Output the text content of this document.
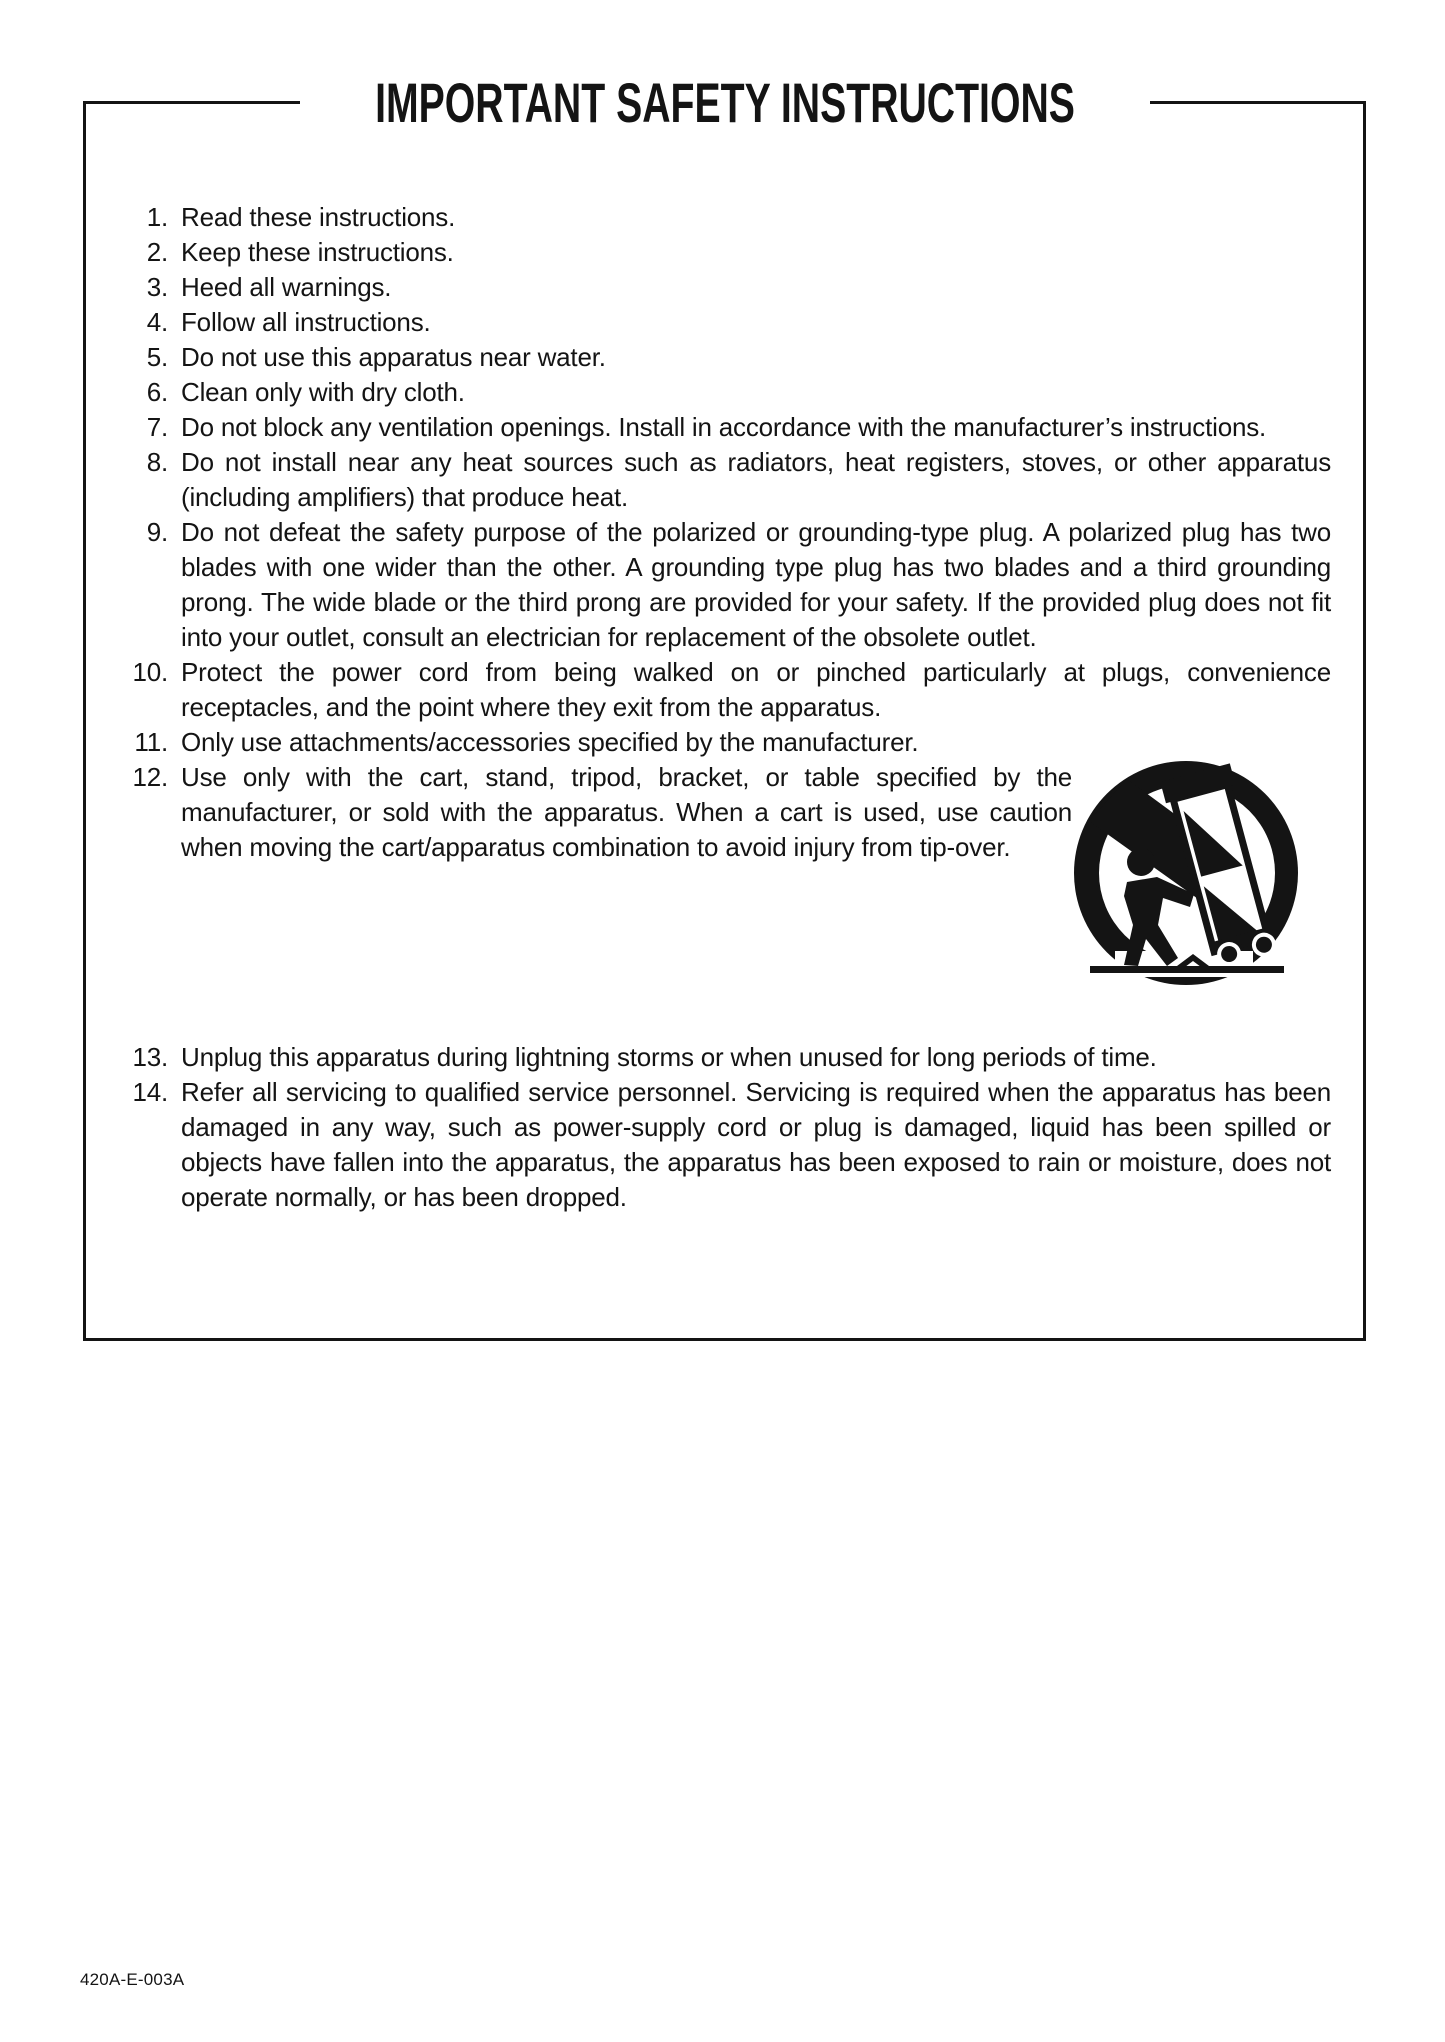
IMPORTANT SAFETY INSTRUCTIONS
1. Read these instructions.
2. Keep these instructions.
3. Heed all warnings.
4. Follow all instructions.
5. Do not use this apparatus near water.
6. Clean only with dry cloth.
7. Do not block any ventilation openings. Install in accordance with the manufacturer’s instructions.
8. Do not install near any heat sources such as radiators, heat registers, stoves, or other apparatus (including amplifiers) that produce heat.
9. Do not defeat the safety purpose of the polarized or grounding-type plug. A polarized plug has two blades with one wider than the other. A grounding type plug has two blades and a third grounding prong. The wide blade or the third prong are provided for your safety. If the provided plug does not fit into your outlet, consult an electrician for replacement of the obsolete outlet.
10. Protect the power cord from being walked on or pinched particularly at plugs, convenience receptacles, and the point where they exit from the apparatus.
11. Only use attachments/accessories specified by the manufacturer.
12. Use only with the cart, stand, tripod, bracket, or table specified by the manufacturer, or sold with the apparatus. When a cart is used, use caution when moving the cart/apparatus combination to avoid injury from tip-over.
13. Unplug this apparatus during lightning storms or when unused for long periods of time.
14. Refer all servicing to qualified service personnel. Servicing is required when the apparatus has been damaged in any way, such as power-supply cord or plug is damaged, liquid has been spilled or objects have fallen into the apparatus, the apparatus has been exposed to rain or moisture, does not operate normally, or has been dropped.
420A-E-003A
